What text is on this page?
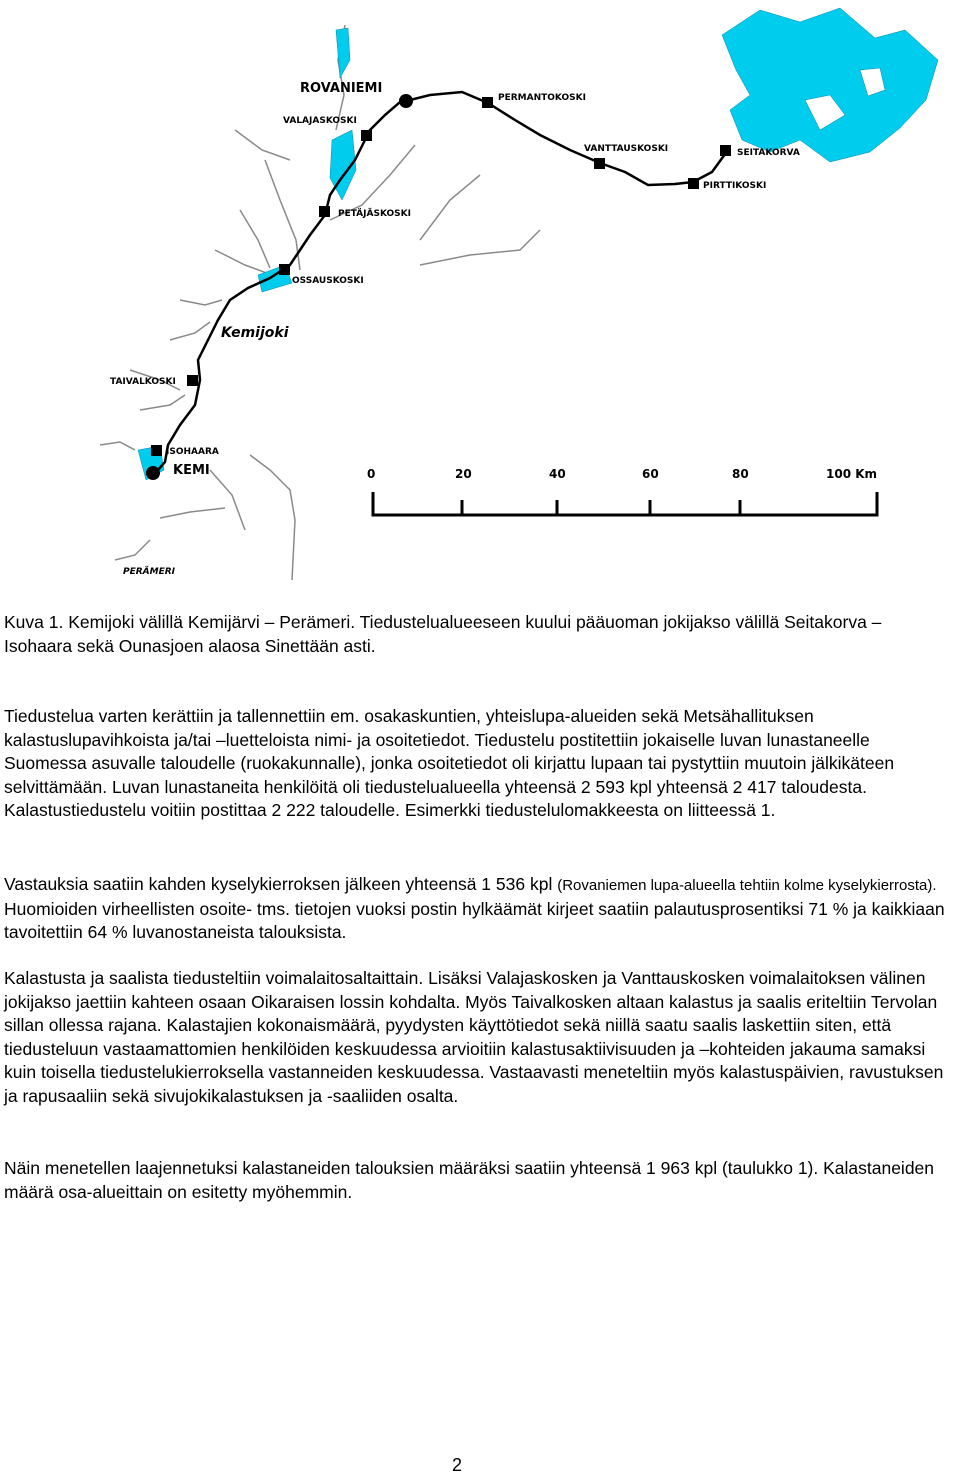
ROVANIEMI
VALAJASKOSKI
PERMANTOKOSKI
VANTTAUSKOSKI	SEITAKORVA
PIRTTIKOSKI
PETÄJÄSKOSKI
OSSAUSKOSKI
Kemijoki
TAIVALKOSKI
ISOHAARA
KEMI
PERÄMERI
0	20	40	60	80	100 Km

Kuva 1. Kemijoki välillä Kemijärvi – Perämeri. Tiedustelualueeseen kuului pääuoman jokijakso välillä Seitakorva – Isohaara sekä Ounasjoen alaosa Sinettään asti.

Tiedustelua varten kerättiin ja tallennettiin em. osakaskuntien, yhteislupa-alueiden sekä Metsähallituksen kalastuslupavihkoista ja/tai –luetteloista nimi- ja osoitetiedot. Tiedustelu postitettiin jokaiselle luvan lunastaneelle Suomessa asuvalle taloudelle (ruokakunnalle), jonka osoitetiedot oli kirjattu lupaan tai pystyttiin muutoin jälkikäteen selvittämään. Luvan lunastaneita henkilöitä oli tiedustelualueella yhteensä 2 593 kpl yhteensä 2 417 taloudesta. Kalastustiedustelu voitiin postittaa 2 222 taloudelle. Esimerkki tiedustelulomakkeesta on liitteessä 1.

Vastauksia saatiin kahden kyselykierroksen jälkeen yhteensä 1 536 kpl (Rovaniemen lupa-alueella tehtiin kolme kyselykierrosta). Huomioiden virheellisten osoite- tms. tietojen vuoksi postin hylkäämät kirjeet saatiin palautusprosentiksi 71 % ja kaikkiaan tavoitettiin 64 % luvanostaneista talouksista.

Kalastusta ja saalista tiedusteltiin voimalaitosaltaittain. Lisäksi Valajaskosken ja Vanttauskosken voimalaitoksen välinen jokijakso jaettiin kahteen osaan Oikaraisen lossin kohdalta. Myös Taivalkosken altaan kalastus ja saalis eriteltiin Tervolan sillan ollessa rajana. Kalastajien kokonaismäärä, pyydysten käyttötiedot sekä niillä saatu saalis laskettiin siten, että tiedusteluun vastaamattomien henkilöiden keskuudessa arvioitiin kalastusaktiivisuuden ja –kohteiden jakauma samaksi kuin toisella tiedustelukierroksella vastanneiden keskuudessa. Vastaavasti meneteltiin myös kalastuspäivien, ravustuksen ja rapusaaliin sekä sivujokikalastuksen ja -saaliiden osalta.

Näin menetellen laajennetuksi kalastaneiden talouksien määräksi saatiin yhteensä 1 963 kpl (taulukko 1). Kalastaneiden määrä osa-alueittain on esitetty myöhemmin.

2
